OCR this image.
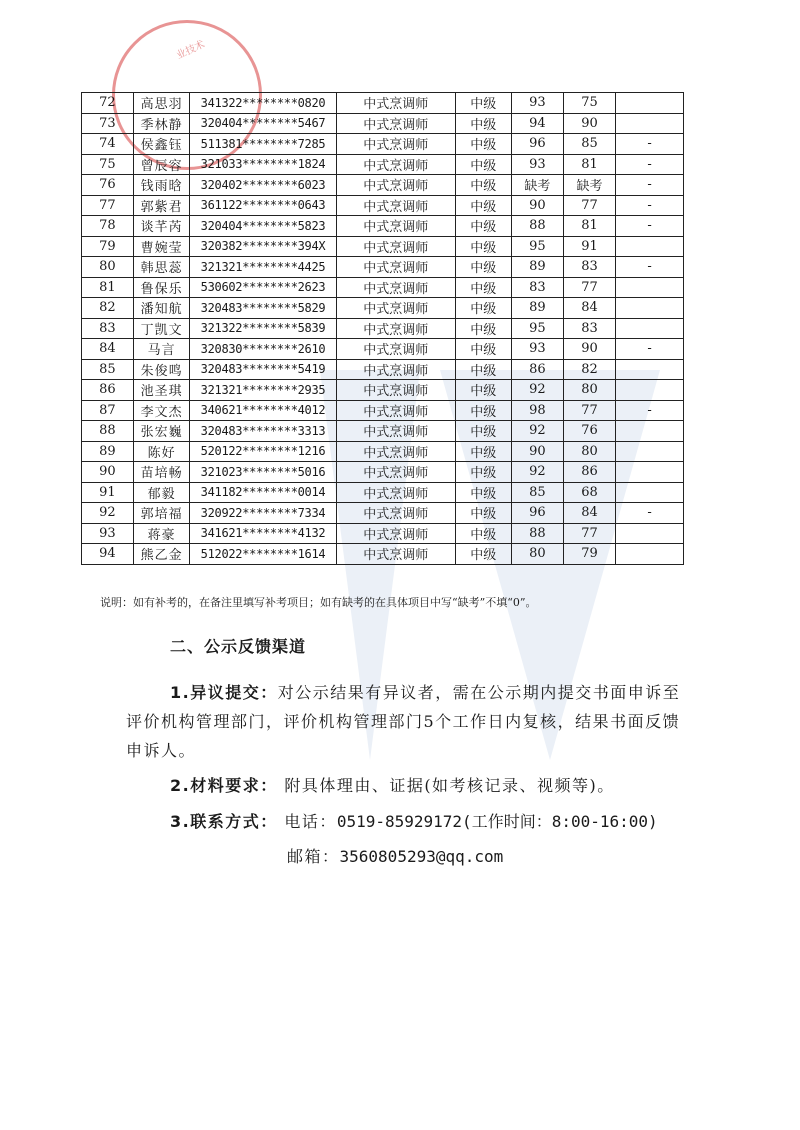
业技术
72	高思羽	341322********0820	中式烹调师	中级	93	75	
73	季林静	320404********5467	中式烹调师	中级	94	90	
74	侯鑫钰	511381********7285	中式烹调师	中级	96	85	-
75	曾辰容	321033********1824	中式烹调师	中级	93	81	-
76	钱雨晗	320402********6023	中式烹调师	中级	缺考	缺考	-
77	郭紫君	361122********0643	中式烹调师	中级	90	77	-
78	谈芊芮	320404********5823	中式烹调师	中级	88	81	-
79	曹婉莹	320382********394X	中式烹调师	中级	95	91	
80	韩思蕊	321321********4425	中式烹调师	中级	89	83	-
81	鲁保乐	530602********2623	中式烹调师	中级	83	77	
82	潘知航	320483********5829	中式烹调师	中级	89	84	
83	丁凯文	321322********5839	中式烹调师	中级	95	83	
84	马言	320830********2610	中式烹调师	中级	93	90	-
85	朱俊鸣	320483********5419	中式烹调师	中级	86	82	
86	池圣琪	321321********2935	中式烹调师	中级	92	80	
87	李文杰	340621********4012	中式烹调师	中级	98	77	-
88	张宏巍	320483********3313	中式烹调师	中级	92	76	
89	陈好	520122********1216	中式烹调师	中级	90	80	
90	苗培畅	321023********5016	中式烹调师	中级	92	86	
91	郁毅	341182********0014	中式烹调师	中级	85	68	
92	郭培福	320922********7334	中式烹调师	中级	96	84	-
93	蒋豪	341621********4132	中式烹调师	中级	88	77	
94	熊乙金	512022********1614	中式烹调师	中级	80	79	
说明：如有补考的，在备注里填写补考项目；如有缺考的在具体项目中写“缺考”不填“0”。
二、公示反馈渠道
1.异议提交：对公示结果有异议者，需在公示期内提交书面申诉至评价机构管理部门，评价机构管理部门5个工作日内复核，结果书面反馈申诉人。
2.材料要求： 附具体理由、证据(如考核记录、视频等)。
3.联系方式： 电话：0519-85929172(工作时间：8:00-16:00)
邮箱：3560805293@qq.com
